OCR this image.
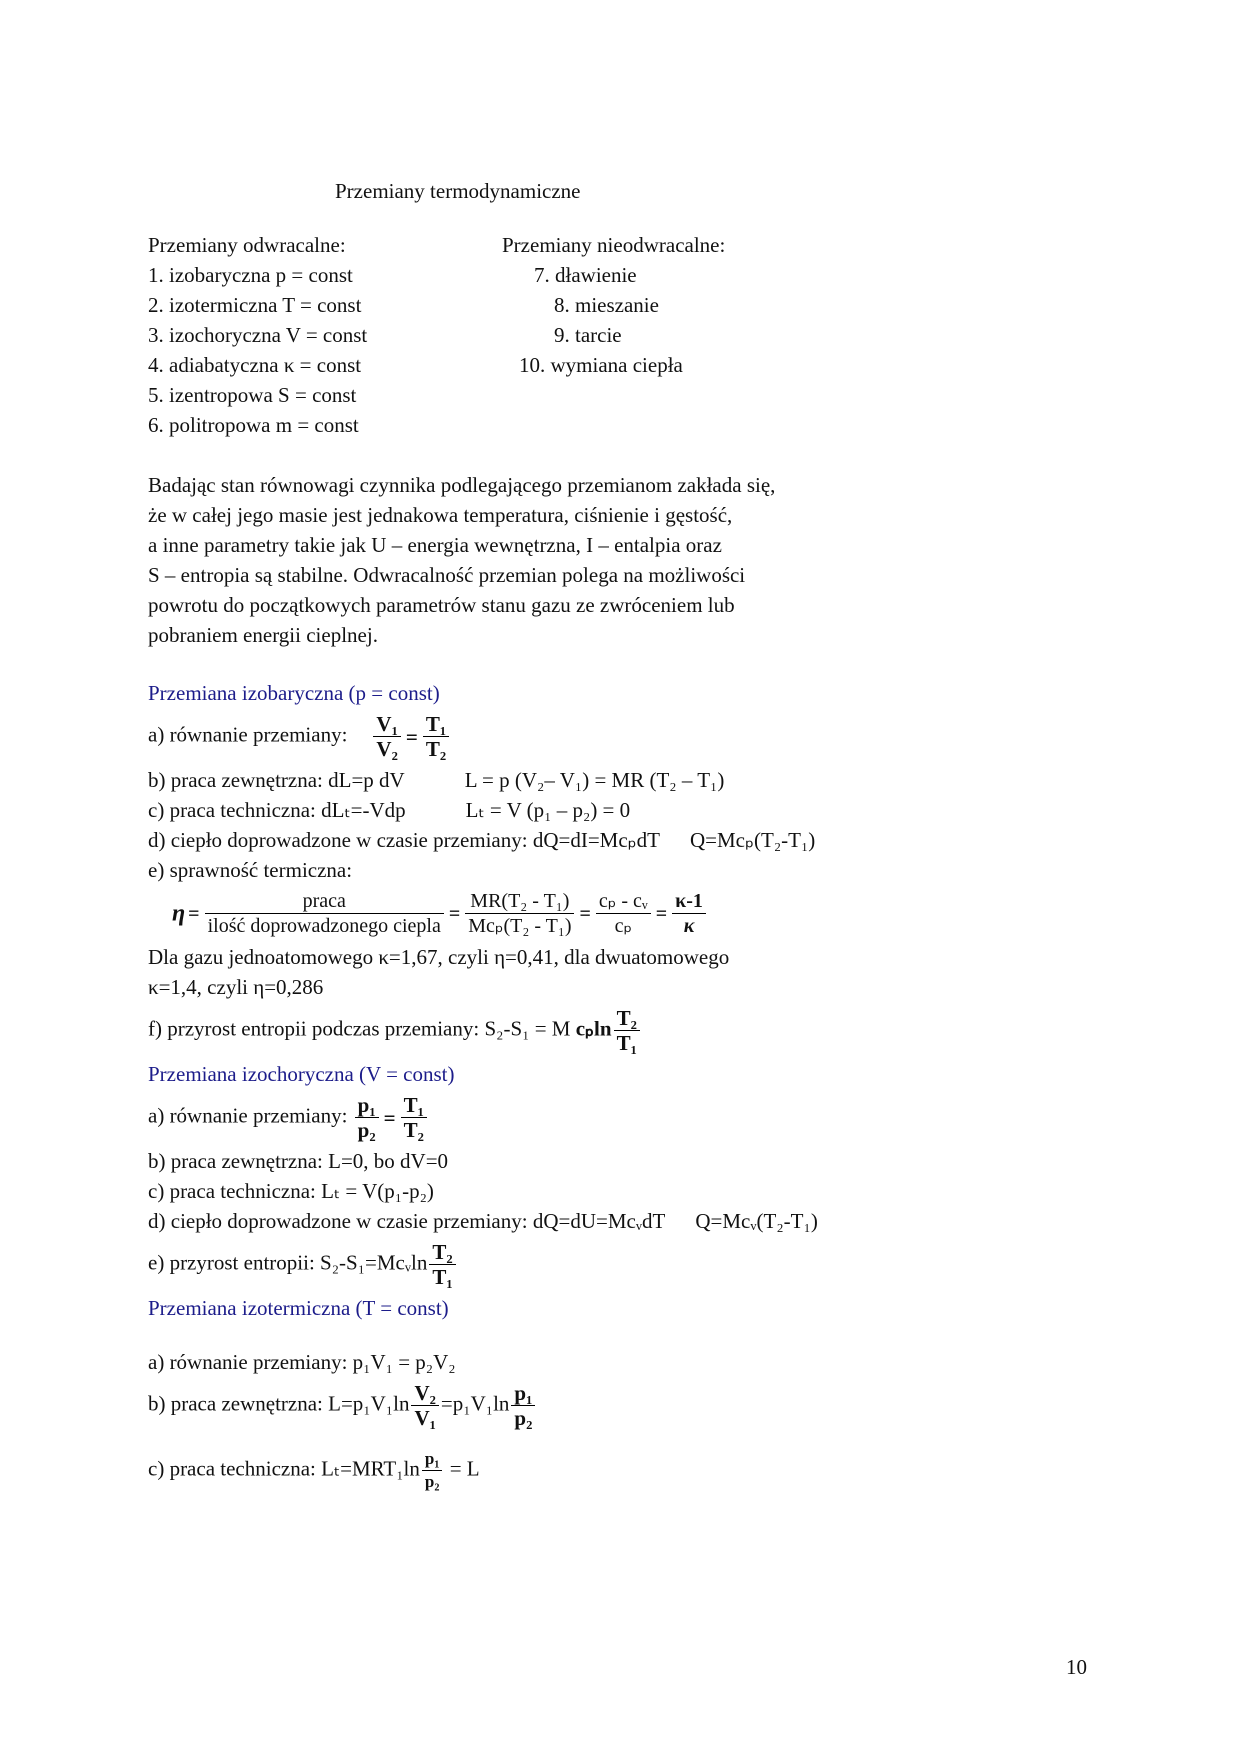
Przemiany termodynamiczne
Przemiany odwracalne:
1. izobaryczna p = const
2. izotermiczna T = const
3. izochoryczna V = const
4. adiabatyczna κ = const
5. izentropowa S = const
6. politropowa m = const
Przemiany nieodwracalne:
7. dławienie
8. mieszanie
9. tarcie
10. wymiana ciepła
Badając stan równowagi czynnika podlegającego przemianom zakłada się,
że w całej jego masie jest jednakowa temperatura, ciśnienie i gęstość,
a inne parametry takie jak U – energia wewnętrzna, I – entalpia oraz
S – entropia są stabilne. Odwracalność przemian polega na możliwości
powrotu do początkowych parametrów stanu gazu ze zwróceniem lub
pobraniem energii cieplnej.
Przemiana izobaryczna (p = const)
a) równanie przemiany: $\frac{\text{V₁}}{\text{V₂}} = \frac{\text{T₁}}{\text{T₂}}$
b) praca zewnętrzna: dL=p dV	L = p (V₂– V₁) = MR (T₂ – T₁)
c) praca techniczna: dLₜ=-Vdp	Lₜ = V (p₁ – p₂) = 0
d) ciepło doprowadzone w czasie przemiany: dQ=dI=McₚdT Q=Mcₚ(T₂-T₁)
e) sprawność termiczna:
$\eta = \frac{\text{praca}}{\text{ilość doprowadzonego ciepla}} = \frac{\text{MR(T₂ - T₁)}}{\text{Mcₚ(T₂ - T₁)}} = \frac{\text{cₚ - cᵥ}}{\text{cₚ}} = \frac{\kappa-1}{\kappa}$
Dla gazu jednoatomowego κ=1,67, czyli η=0,41, dla dwuatomowego
κ=1,4, czyli η=0,286
f) przyrost entropii podczas przemiany: S₂-S₁ = M cₚln $\frac{\text{T₂}}{\text{T₁}}$
Przemiana izochoryczna (V = const)
a) równanie przemiany: $\frac{\text{p₁}}{\text{p₂}} = \frac{\text{T₁}}{\text{T₂}}$
b) praca zewnętrzna: L=0, bo dV=0
c) praca techniczna: Lₜ = V(p₁-p₂)
d) ciepło doprowadzone w czasie przemiany: dQ=dU=McᵥdT Q=Mcᵥ(T₂-T₁)
e) przyrost entropii: S₂-S₁=Mcᵥln $\frac{\text{T₂}}{\text{T₁}}$
Przemiana izotermiczna (T = const)
a) równanie przemiany: p₁V₁ = p₂V₂
b) praca zewnętrzna: $L=p_1V_1\ln \frac{\text{V₂}}{\text{V₁}} =p_1V_1\ln \frac{\text{p₁}}{\text{p₂}}$
c) praca techniczna: $L_t=MRT_1\ln \frac{\text{p₁}}{\text{p₂}} = L$
10
